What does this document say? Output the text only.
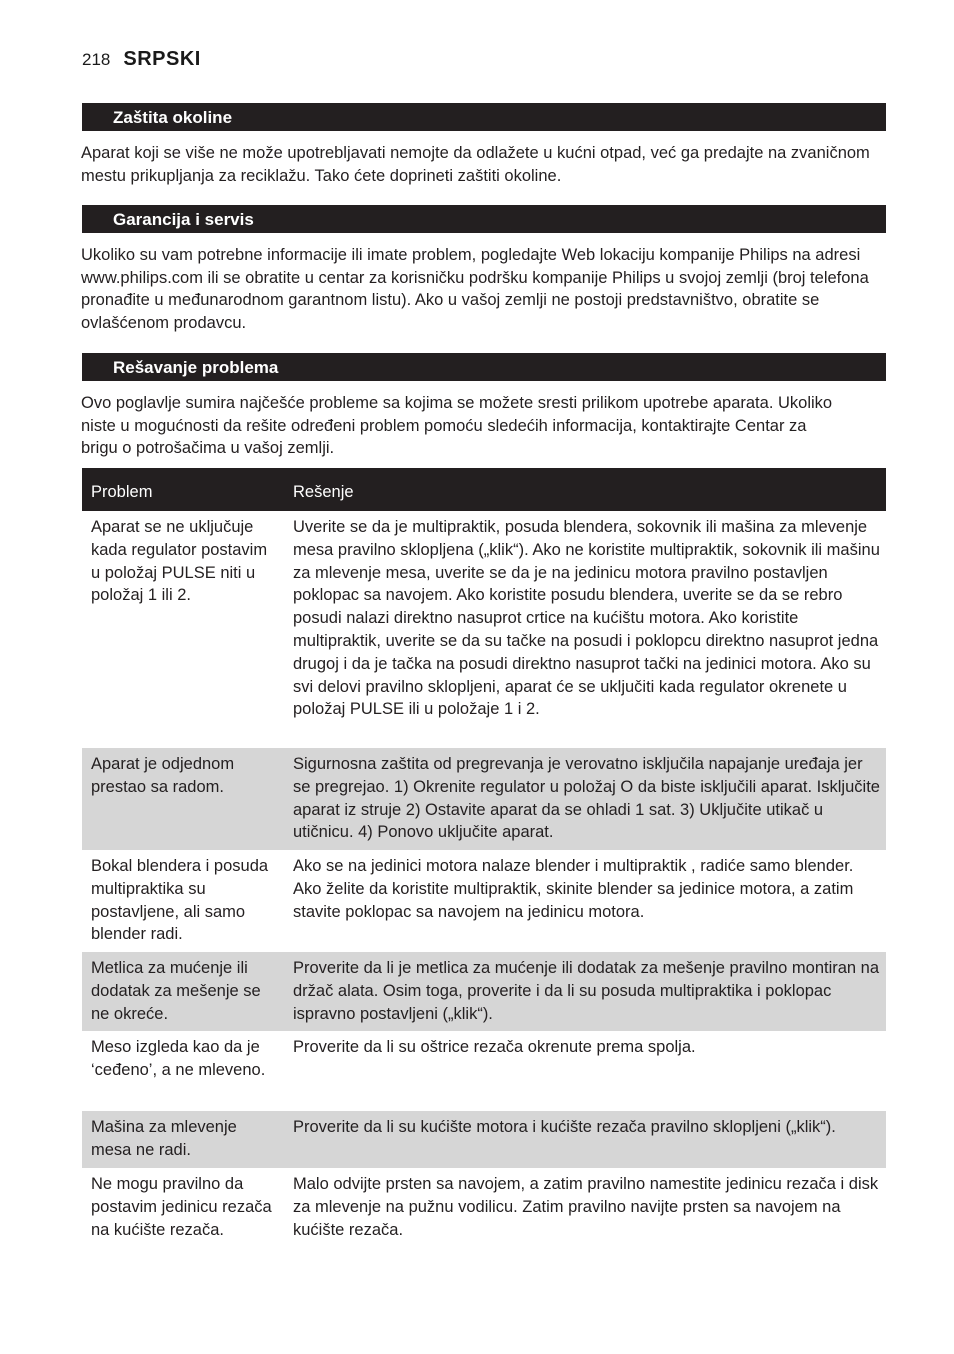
218 SRPSKI
Zaštita okoline
Aparat koji se više ne može upotrebljavati nemojte da odlažete u kućni otpad, već ga predajte na zvaničnom mestu prikupljanja za reciklažu. Tako ćete doprineti zaštiti okoline.
Garancija i servis
Ukoliko su vam potrebne informacije ili imate problem, pogledajte Web lokaciju kompanije Philips na adresi www.philips.com ili se obratite u centar za korisničku podršku kompanije Philips u svojoj zemlji (broj telefona pronađite u međunarodnom garantnom listu). Ako u vašoj zemlji ne postoji predstavništvo, obratite se ovlašćenom prodavcu.
Rešavanje problema
Ovo poglavlje sumira najčešće probleme sa kojima se možete sresti prilikom upotrebe aparata. Ukoliko niste u mogućnosti da rešite određeni problem pomoću sledećih informacija, kontaktirajte Centar za brigu o potrošačima u vašoj zemlji.
Problem	Rešenje
Aparat se ne uključuje kada regulator postavim u položaj PULSE niti u položaj 1 ili 2.
Uverite se da je multipraktik, posuda blendera, sokovnik ili mašina za mlevenje mesa pravilno sklopljena („klik“). Ako ne koristite multipraktik, sokovnik ili mašinu za mlevenje mesa, uverite se da je na jedinicu motora pravilno postavljen poklopac sa navojem. Ako koristite posudu blendera, uverite se da se rebro posudi nalazi direktno nasuprot crtice na kućištu motora. Ako koristite multipraktik, uverite se da su tačke na posudi i poklopcu direktno nasuprot jedna drugoj i da je tačka na posudi direktno nasuprot tački na jedinici motora. Ako su svi delovi pravilno sklopljeni, aparat će se uključiti kada regulator okrenete u položaj PULSE ili u položaje 1 i 2.
Aparat je odjednom prestao sa radom.
Sigurnosna zaštita od pregrevanja je verovatno isključila napajanje uređaja jer se pregrejao. 1) Okrenite regulator u položaj O da biste isključili aparat. Isključite aparat iz struje 2) Ostavite aparat da se ohladi 1 sat. 3) Uključite utikač u utičnicu. 4) Ponovo uključite aparat.
Bokal blendera i posuda multipraktika su postavljene, ali samo blender radi.
Ako se na jedinici motora nalaze blender i multipraktik , radiće samo blender. Ako želite da koristite multipraktik, skinite blender sa jedinice motora, a zatim stavite poklopac sa navojem na jedinicu motora.
Metlica za mućenje ili dodatak za mešenje se ne okreće.
Proverite da li je metlica za mućenje ili dodatak za mešenje pravilno montiran na držač alata. Osim toga, proverite i da li su posuda multipraktika i poklopac ispravno postavljeni („klik“).
Meso izgleda kao da je ‘ceđeno’, a ne mleveno.
Proverite da li su oštrice rezača okrenute prema spolja.
Mašina za mlevenje mesa ne radi.
Proverite da li su kućište motora i kućište rezača pravilno sklopljeni („klik“).
Ne mogu pravilno da postavim jedinicu rezača na kućište rezača.
Malo odvijte prsten sa navojem, a zatim pravilno namestite jedinicu rezača i disk za mlevenje na pužnu vodilicu. Zatim pravilno navijte prsten sa navojem na kućište rezača.
